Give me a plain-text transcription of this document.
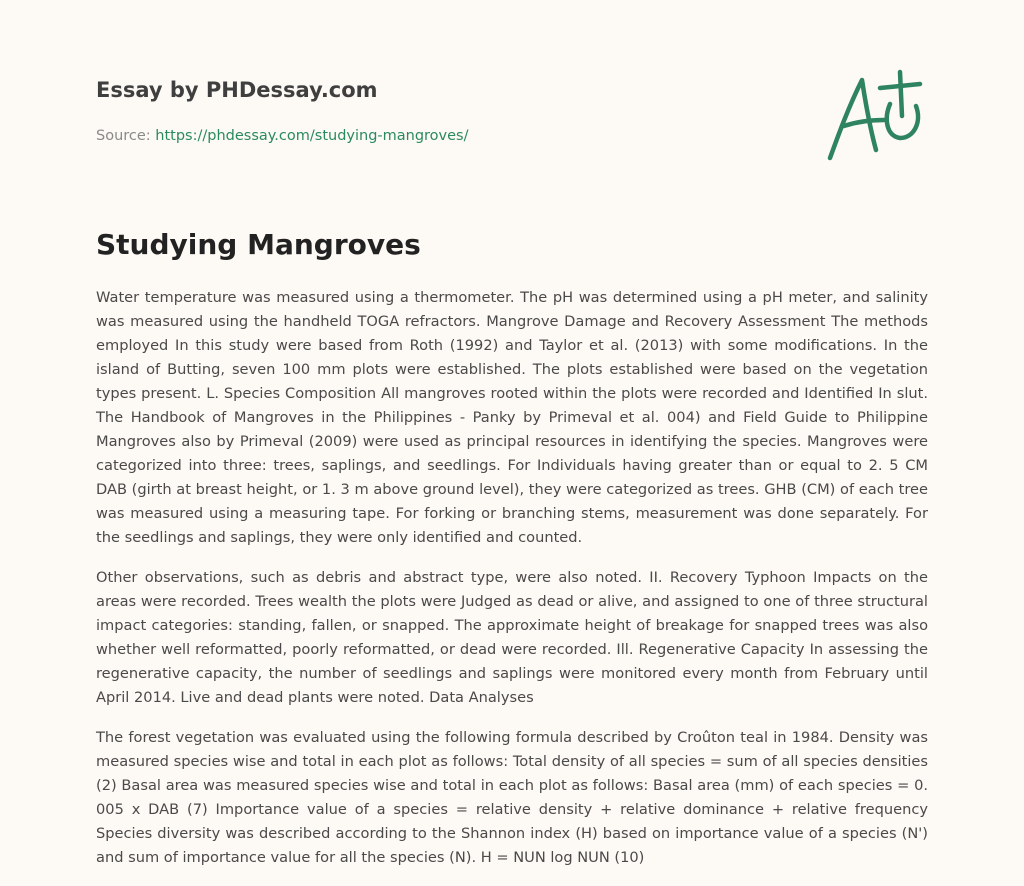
Essay by PHDessay.com
Source: https://phdessay.com/studying-mangroves/
Studying Mangroves

Water temperature was measured using a thermometer. The pH was determined using a pH meter, and salinity was measured using the handheld TOGA refractors. Mangrove Damage and Recovery Assessment The methods employed In this study were based from Roth (1992) and Taylor et al. (2013) with some modifications. In the island of Butting, seven 100 mm plots were established. The plots established were based on the vegetation types present. L. Species Composition All mangroves rooted within the plots were recorded and Identified In slut. The Handbook of Mangroves in the Philippines - Panky by Primeval et al. 004) and Field Guide to Philippine Mangroves also by Primeval (2009) were used as principal resources in identifying the species. Mangroves were categorized into three: trees, saplings, and seedlings. For Individuals having greater than or equal to 2. 5 CM DAB (girth at breast height, or 1. 3 m above ground level), they were categorized as trees. GHB (CM) of each tree was measured using a measuring tape. For forking or branching stems, measurement was done separately. For the seedlings and saplings, they were only identified and counted.

Other observations, such as debris and abstract type, were also noted. II. Recovery Typhoon Impacts on the areas were recorded. Trees wealth the plots were Judged as dead or alive, and assigned to one of three structural impact categories: standing, fallen, or snapped. The approximate height of breakage for snapped trees was also whether well reformatted, poorly reformatted, or dead were recorded. Ill. Regenerative Capacity In assessing the regenerative capacity, the number of seedlings and saplings were monitored every month from February until April 2014. Live and dead plants were noted. Data Analyses

The forest vegetation was evaluated using the following formula described by Croûton teal in 1984. Density was measured species wise and total in each plot as follows: Total density of all species = sum of all species densities (2) Basal area was measured species wise and total in each plot as follows: Basal area (mm) of each species = 0. 005 x DAB (7) Importance value of a species = relative density + relative dominance + relative frequency Species diversity was described according to the Shannon index (H) based on importance value of a species (N') and sum of importance value for all the species (N). H = NUN log NUN (10)
